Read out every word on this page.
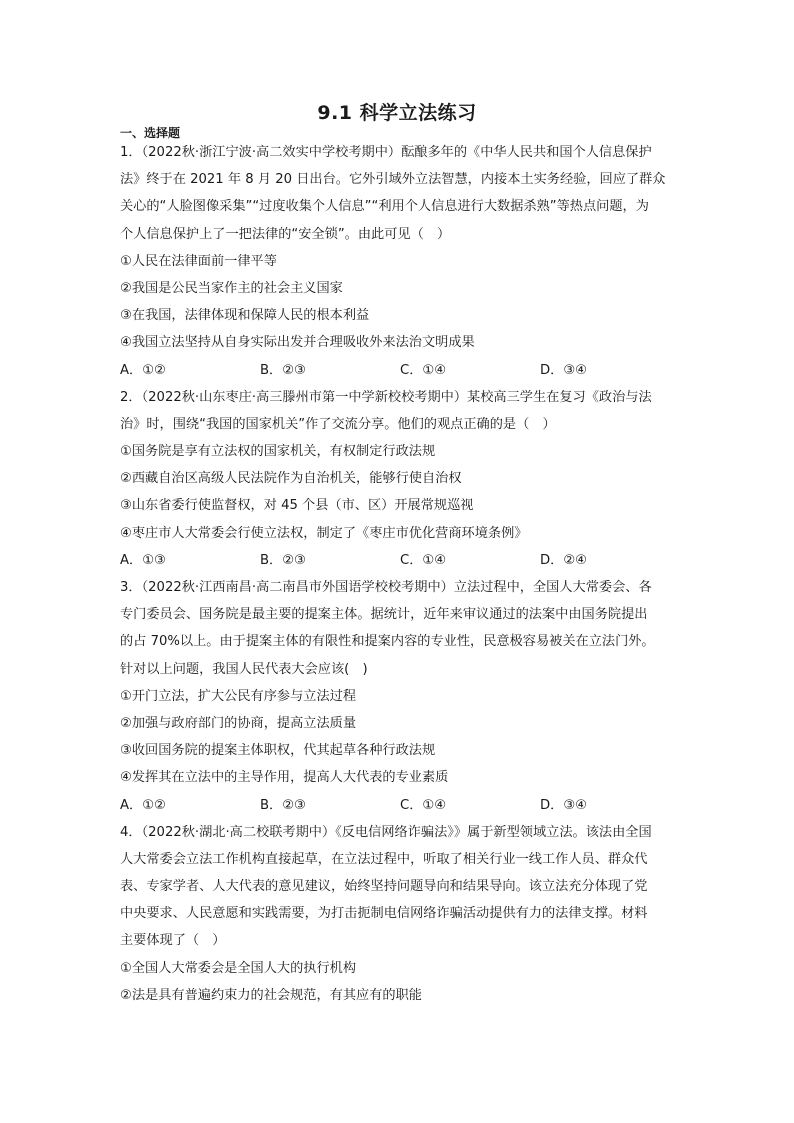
9.1 科学立法练习
一、选择题
1．（2022秋·浙江宁波·高二效实中学校考期中）酝酿多年的《中华人民共和国个人信息保护
法》终于在 2021 年 8 月 20 日出台。它外引域外立法智慧，内接本土实务经验，回应了群众
关心的“人脸图像采集”“过度收集个人信息”“利用个人信息进行大数据杀熟”等热点问题，为
个人信息保护上了一把法律的“安全锁”。由此可见（　）
①人民在法律面前一律平等
②我国是公民当家作主的社会主义国家
③在我国，法律体现和保障人民的根本利益
④我国立法坚持从自身实际出发并合理吸收外来法治文明成果
A．①②	B．②③	C．①④	D．③④
2．（2022秋·山东枣庄·高三滕州市第一中学新校校考期中）某校高三学生在复习《政治与法
治》时，围绕“我国的国家机关”作了交流分享。他们的观点正确的是（　）
①国务院是享有立法权的国家机关，有权制定行政法规
②西藏自治区高级人民法院作为自治机关，能够行使自治权
③山东省委行使监督权，对 45 个县（市、区）开展常规巡视
④枣庄市人大常委会行使立法权，制定了《枣庄市优化营商环境条例》
A．①③	B．②③	C．①④	D．②④
3．（2022秋·江西南昌·高二南昌市外国语学校校考期中）立法过程中，全国人大常委会、各
专门委员会、国务院是最主要的提案主体。据统计，近年来审议通过的法案中由国务院提出
的占 70%以上。由于提案主体的有限性和提案内容的专业性，民意极容易被关在立法门外。
针对以上问题，我国人民代表大会应该(　)
①开门立法，扩大公民有序参与立法过程
②加强与政府部门的协商，提高立法质量
③收回国务院的提案主体职权，代其起草各种行政法规
④发挥其在立法中的主导作用，提高人大代表的专业素质
A．①②	B．②③	C．①④	D．③④
4．（2022秋·湖北·高二校联考期中）《反电信网络诈骗法》》属于新型领域立法。该法由全国
人大常委会立法工作机构直接起草，在立法过程中，听取了相关行业一线工作人员、群众代
表、专家学者、人大代表的意见建议，始终坚持问题导向和结果导向。该立法充分体现了党
中央要求、人民意愿和实践需要，为打击扼制电信网络诈骗活动提供有力的法律支撑。材料
主要体现了（　）
①全国人大常委会是全国人大的执行机构
②法是具有普遍约束力的社会规范，有其应有的职能
